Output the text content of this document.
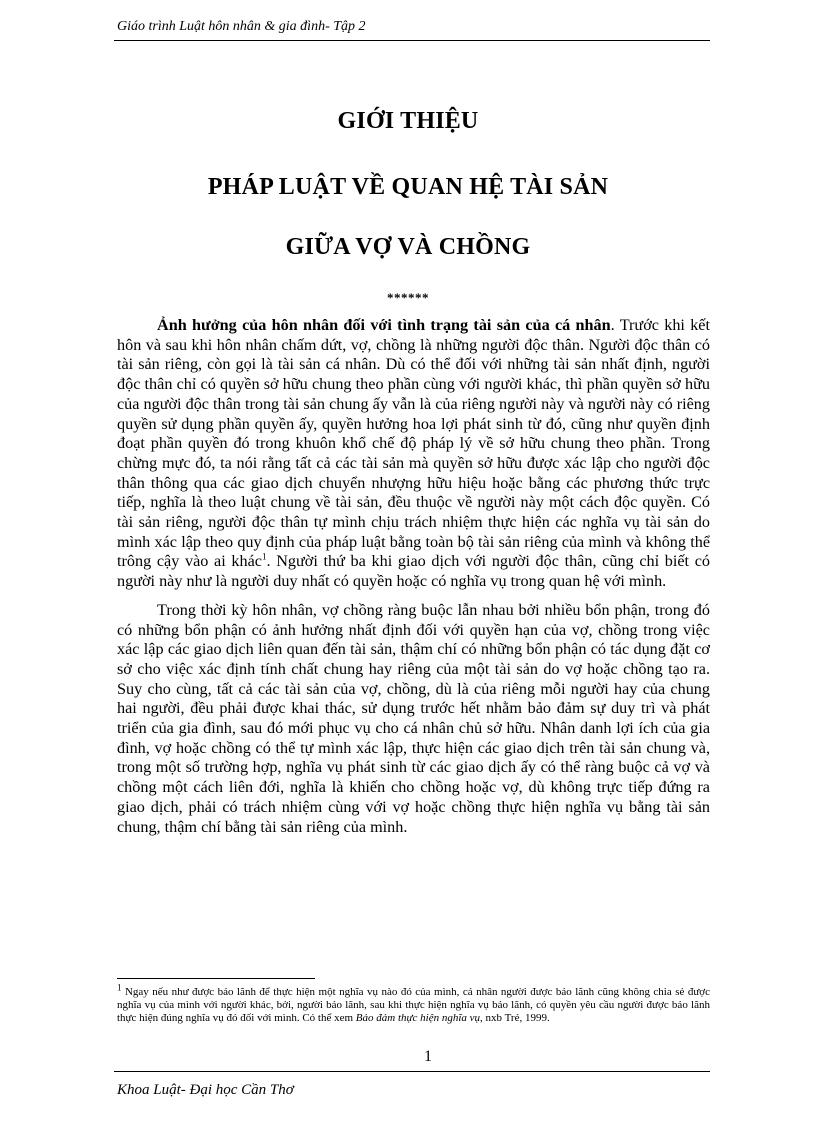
Giáo trình Luật hôn nhân & gia đình- Tập 2
GIỚI THIỆU
PHÁP LUẬT VỀ QUAN HỆ TÀI SẢN
GIỮA VỢ VÀ CHỒNG
******

Ảnh hưởng của hôn nhân đối với tình trạng tài sản của cá nhân. Trước khi kết hôn và sau khi hôn nhân chấm dứt, vợ, chồng là những người độc thân. Người độc thân có tài sản riêng, còn gọi là tài sản cá nhân. Dù có thể đối với những tài sản nhất định, người độc thân chỉ có quyền sở hữu chung theo phần cùng với người khác, thì phần quyền sở hữu của người độc thân trong tài sản chung ấy vẫn là của riêng người này và người này có riêng quyền sử dụng phần quyền ấy, quyền hưởng hoa lợi phát sinh từ đó, cũng như quyền định đoạt phần quyền đó trong khuôn khổ chế độ pháp lý về sở hữu chung theo phần. Trong chừng mực đó, ta nói rằng tất cả các tài sản mà quyền sở hữu được xác lập cho người độc thân thông qua các giao dịch chuyển nhượng hữu hiệu hoặc bằng các phương thức trực tiếp, nghĩa là theo luật chung về tài sản, đều thuộc về người này một cách độc quyền. Có tài sản riêng, người độc thân tự mình chịu trách nhiệm thực hiện các nghĩa vụ tài sản do mình xác lập theo quy định của pháp luật bằng toàn bộ tài sản riêng của mình và không thể trông cậy vào ai khác$^1$. Người thứ ba khi giao dịch với người độc thân, cũng chỉ biết có người này như là người duy nhất có quyền hoặc có nghĩa vụ trong quan hệ với mình.

Trong thời kỳ hôn nhân, vợ chồng ràng buộc lẫn nhau bởi nhiều bổn phận, trong đó có những bổn phận có ảnh hưởng nhất định đối với quyền hạn của vợ, chồng trong việc xác lập các giao dịch liên quan đến tài sản, thậm chí có những bổn phận có tác dụng đặt cơ sở cho việc xác định tính chất chung hay riêng của một tài sản do vợ hoặc chồng tạo ra. Suy cho cùng, tất cả các tài sản của vợ, chồng, dù là của riêng mỗi người hay của chung hai người, đều phải được khai thác, sử dụng trước hết nhằm bảo đảm sự duy trì và phát triển của gia đình, sau đó mới phục vụ cho cá nhân chủ sở hữu. Nhân danh lợi ích của gia đình, vợ hoặc chồng có thể tự mình xác lập, thực hiện các giao dịch trên tài sản chung và, trong một số trường hợp, nghĩa vụ phát sinh từ các giao dịch ấy có thể ràng buộc cả vợ và chồng một cách liên đới, nghĩa là khiến cho chồng hoặc vợ, dù không trực tiếp đứng ra giao dịch, phải có trách nhiệm cùng với vợ hoặc chồng thực hiện nghĩa vụ bằng tài sản chung, thậm chí bằng tài sản riêng của mình.

$^1$ Ngay nếu như được bảo lãnh để thực hiện một nghĩa vụ nào đó của mình, cá nhân người được bảo lãnh cũng không chia sẻ được nghĩa vụ của mình với người khác, bởi, người bảo lãnh, sau khi thực hiện nghĩa vụ bảo lãnh, có quyền yêu cầu người được bảo lãnh thực hiện đúng nghĩa vụ đó đối với mình. Có thể xem Bảo đảm thực hiện nghĩa vụ, nxb Trẻ, 1999.
1
Khoa Luật- Đại học Cần Thơ
